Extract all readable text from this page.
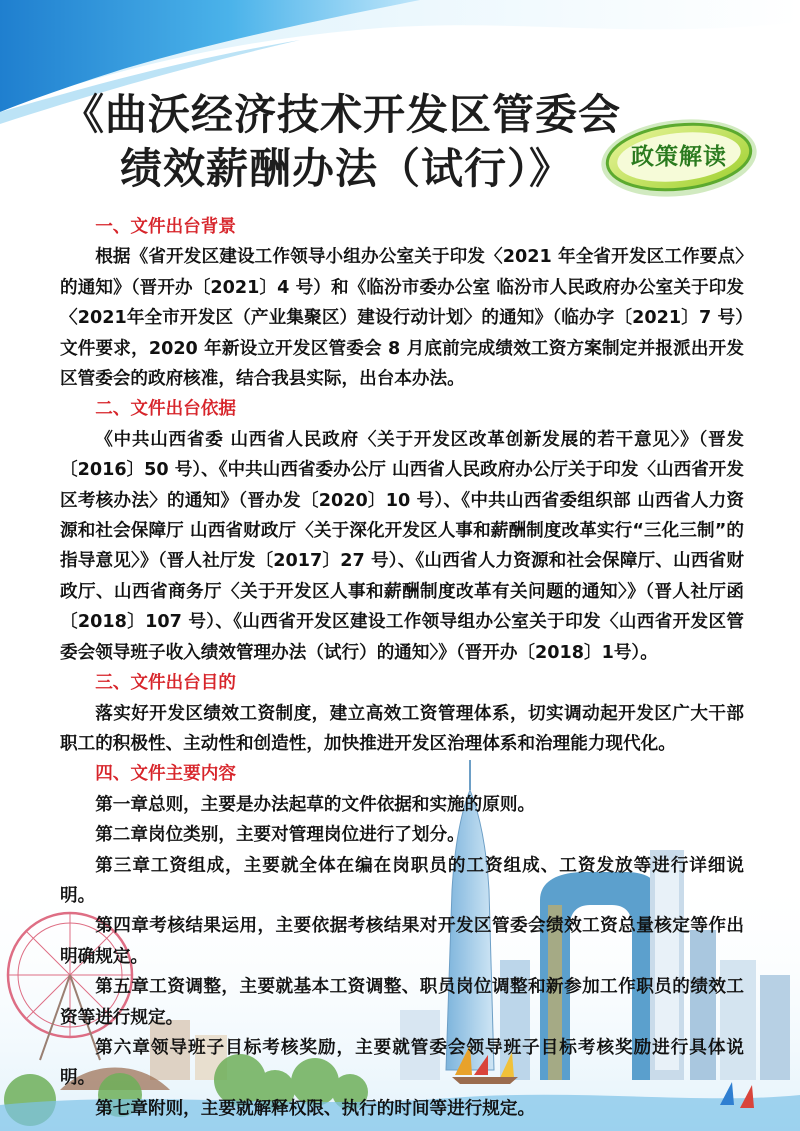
《曲沃经济技术开发区管委会
绩效薪酬办法（试行）》	政策解读
一、文件出台背景

根据《省开发区建设工作领导小组办公室关于印发〈2021 年全省开发区工作要点〉的通知》（晋开办〔2021〕4 号）和《临汾市委办公室 临汾市人民政府办公室关于印发〈2021年全市开发区（产业集聚区）建设行动计划〉的通知》（临办字〔2021〕7 号）文件要求，2020 年新设立开发区管委会 8 月底前完成绩效工资方案制定并报派出开发区管委会的政府核准，结合我县实际，出台本办法。

二、文件出台依据

《中共山西省委 山西省人民政府〈关于开发区改革创新发展的若干意见〉》（晋发〔2016〕50 号）、《中共山西省委办公厅 山西省人民政府办公厅关于印发〈山西省开发区考核办法〉的通知》（晋办发〔2020〕10 号）、《中共山西省委组织部 山西省人力资源和社会保障厅 山西省财政厅〈关于深化开发区人事和薪酬制度改革实行“三化三制”的指导意见〉》（晋人社厅发〔2017〕27 号）、《山西省人力资源和社会保障厅、山西省财政厅、山西省商务厅〈关于开发区人事和薪酬制度改革有关问题的通知〉》（晋人社厅函〔2018〕107 号）、《山西省开发区建设工作领导组办公室关于印发〈山西省开发区管委会领导班子收入绩效管理办法（试行）的通知〉》（晋开办〔2018〕1号）。

三、文件出台目的

落实好开发区绩效工资制度，建立高效工资管理体系，切实调动起开发区广大干部职工的积极性、主动性和创造性，加快推进开发区治理体系和治理能力现代化。

四、文件主要内容

第一章总则，主要是办法起草的文件依据和实施的原则。

第二章岗位类别，主要对管理岗位进行了划分。

第三章工资组成，主要就全体在编在岗职员的工资组成、工资发放等进行详细说明。

第四章考核结果运用，主要依据考核结果对开发区管委会绩效工资总量核定等作出明确规定。

第五章工资调整，主要就基本工资调整、职员岗位调整和新参加工作职员的绩效工资等进行规定。

第六章领导班子目标考核奖励，主要就管委会领导班子目标考核奖励进行具体说明。

第七章附则，主要就解释权限、执行的时间等进行规定。
